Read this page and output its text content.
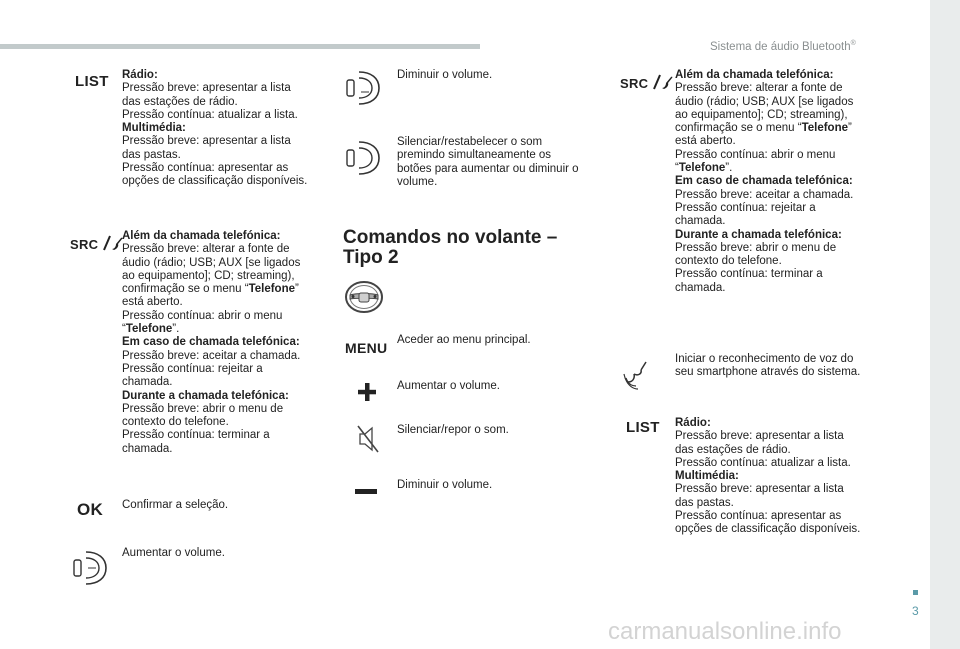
Sistema de áudio Bluetooth®
LIST Rádio:
Pressão breve: apresentar a lista
das estações de rádio.
Pressão contínua: atualizar a lista.
Multimédia:
Pressão breve: apresentar a lista
das pastas.
Pressão contínua: apresentar as
opções de classificação disponíveis.
SRC
Além da chamada telefónica:
Pressão breve: alterar a fonte de
áudio (rádio; USB; AUX [se ligados
ao equipamento]; CD; streaming),
confirmação se o menu “Telefone”
está aberto.
Pressão contínua: abrir o menu
“Telefone”.
Em caso de chamada telefónica:
Pressão breve: aceitar a chamada.
Pressão contínua: rejeitar a
chamada.
Durante a chamada telefónica:
Pressão breve: abrir o menu de
contexto do telefone.
Pressão contínua: terminar a
chamada.
OK Confirmar a seleção.
Aumentar o volume.
Diminuir o volume.
Silenciar/restabelecer o som
premindo simultaneamente os
botões para aumentar ou diminuir o
volume.
Comandos no volante –
Tipo 2
MENU Aceder ao menu principal.
Aumentar o volume.
Silenciar/repor o som.
Diminuir o volume.
SRC
Além da chamada telefónica:
Pressão breve: alterar a fonte de
áudio (rádio; USB; AUX [se ligados
ao equipamento]; CD; streaming),
confirmação se o menu “Telefone”
está aberto.
Pressão contínua: abrir o menu
“Telefone”.
Em caso de chamada telefónica:
Pressão breve: aceitar a chamada.
Pressão contínua: rejeitar a
chamada.
Durante a chamada telefónica:
Pressão breve: abrir o menu de
contexto do telefone.
Pressão contínua: terminar a
chamada.
Iniciar o reconhecimento de voz do
seu smartphone através do sistema.
LIST Rádio:
Pressão breve: apresentar a lista
das estações de rádio.
Pressão contínua: atualizar a lista.
Multimédia:
Pressão breve: apresentar a lista
das pastas.
Pressão contínua: apresentar as
opções de classificação disponíveis.
3
carmanualsonline.info
